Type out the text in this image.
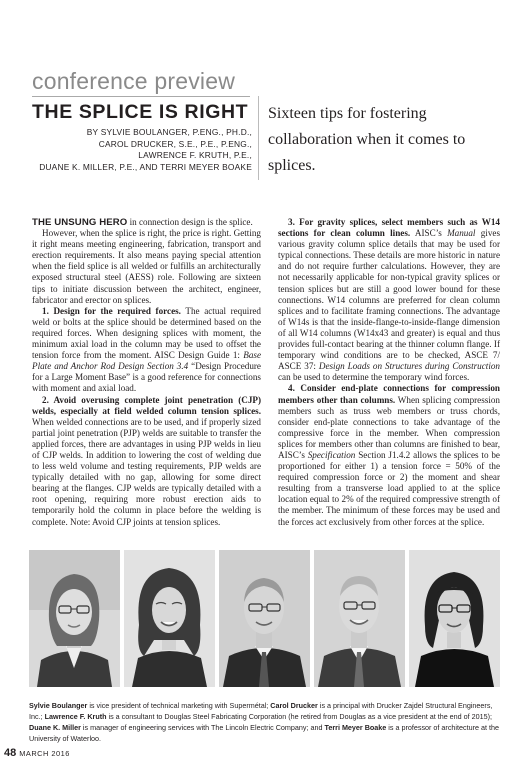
conference preview
THE SPLICE IS RIGHT
BY SYLVIE BOULANGER, P.ENG., PH.D.,
CAROL DRUCKER, S.E., P.E., P.ENG.,
LAWRENCE F. KRUTH, P.E.,
DUANE K. MILLER, P.E., AND TERRI MEYER BOAKE
Sixteen tips for fostering collaboration when it comes to splices.

THE UNSUNG HERO in connection design is the splice.

However, when the splice is right, the price is right. Getting it right means meeting engineering, fabrication, transport and erection requirements. It also means paying special attention when the field splice is all welded or fulfills an architecturally exposed structural steel (AESS) role. Following are sixteen tips to initiate discussion between the architect, engineer, fabricator and erector on splices.

1. Design for the required forces. The actual required weld or bolts at the splice should be determined based on the required forces. When designing splices with moment, the minimum axial load in the column may be used to offset the tension force from the moment. AISC Design Guide 1: Base Plate and Anchor Rod Design Section 3.4 “Design Procedure for a Large Moment Base” is a good reference for connections with moment and axial load.

2. Avoid overusing complete joint penetration (CJP) welds, especially at field welded column tension splices. When welded connections are to be used, and if properly sized partial joint penetration (PJP) welds are suitable to transfer the applied forces, there are advantages in using PJP welds in lieu of CJP welds. In addition to lowering the cost of welding due to less weld volume and testing requirements, PJP welds are typically detailed with no gap, allowing for some direct bearing at the flanges. CJP welds are typically detailed with a root opening, requiring more robust erection aids to temporarily hold the column in place before the welding is complete. Note: Avoid CJP joints at tension splices.

3. For gravity splices, select members such as W14 sections for clean column lines. AISC’s Manual gives various gravity column splice details that may be used for typical connections. These details are more historic in nature and do not require further calculations. However, they are not necessarily applicable for non-typical gravity splices or tension splices but are still a good lower bound for these connections. W14 columns are preferred for clean column splices and to facilitate framing connections. The advantage of W14s is that the inside-flange-to-inside-flange dimension of all W14 columns (W14x43 and greater) is equal and thus provides full-contact bearing at the thinner column flange. If temporary wind conditions are to be checked, ASCE 7/ ASCE 37: Design Loads on Structures during Construction can be used to determine the temporary wind forces.

4. Consider end-plate connections for compression members other than columns. When splicing compression members such as truss web members or truss chords, consider end-plate connections to take advantage of the compressive force in the member. When compression splices for members other than columns are finished to bear, AISC’s Specification Section J1.4.2 allows the splices to be proportioned for either 1) a tension force = 50% of the required compression force or 2) the moment and shear resulting from a transverse load applied to at the splice location equal to 2% of the required compressive strength of the member. The minimum of these forces may be used and the forces act exclusively from other forces at the splice.

Sylvie Boulanger is vice president of technical marketing with Supermétal; Carol Drucker is a principal with Drucker Zajdel Structural Engineers, Inc.; Lawrence F. Kruth is a consultant to Douglas Steel Fabricating Corporation (he retired from Douglas as a vice president at the end of 2015); Duane K. Miller is manager of engineering services with The Lincoln Electric Company; and Terri Meyer Boake is a professor of architecture at the University of Waterloo.
48 MARCH 2016
